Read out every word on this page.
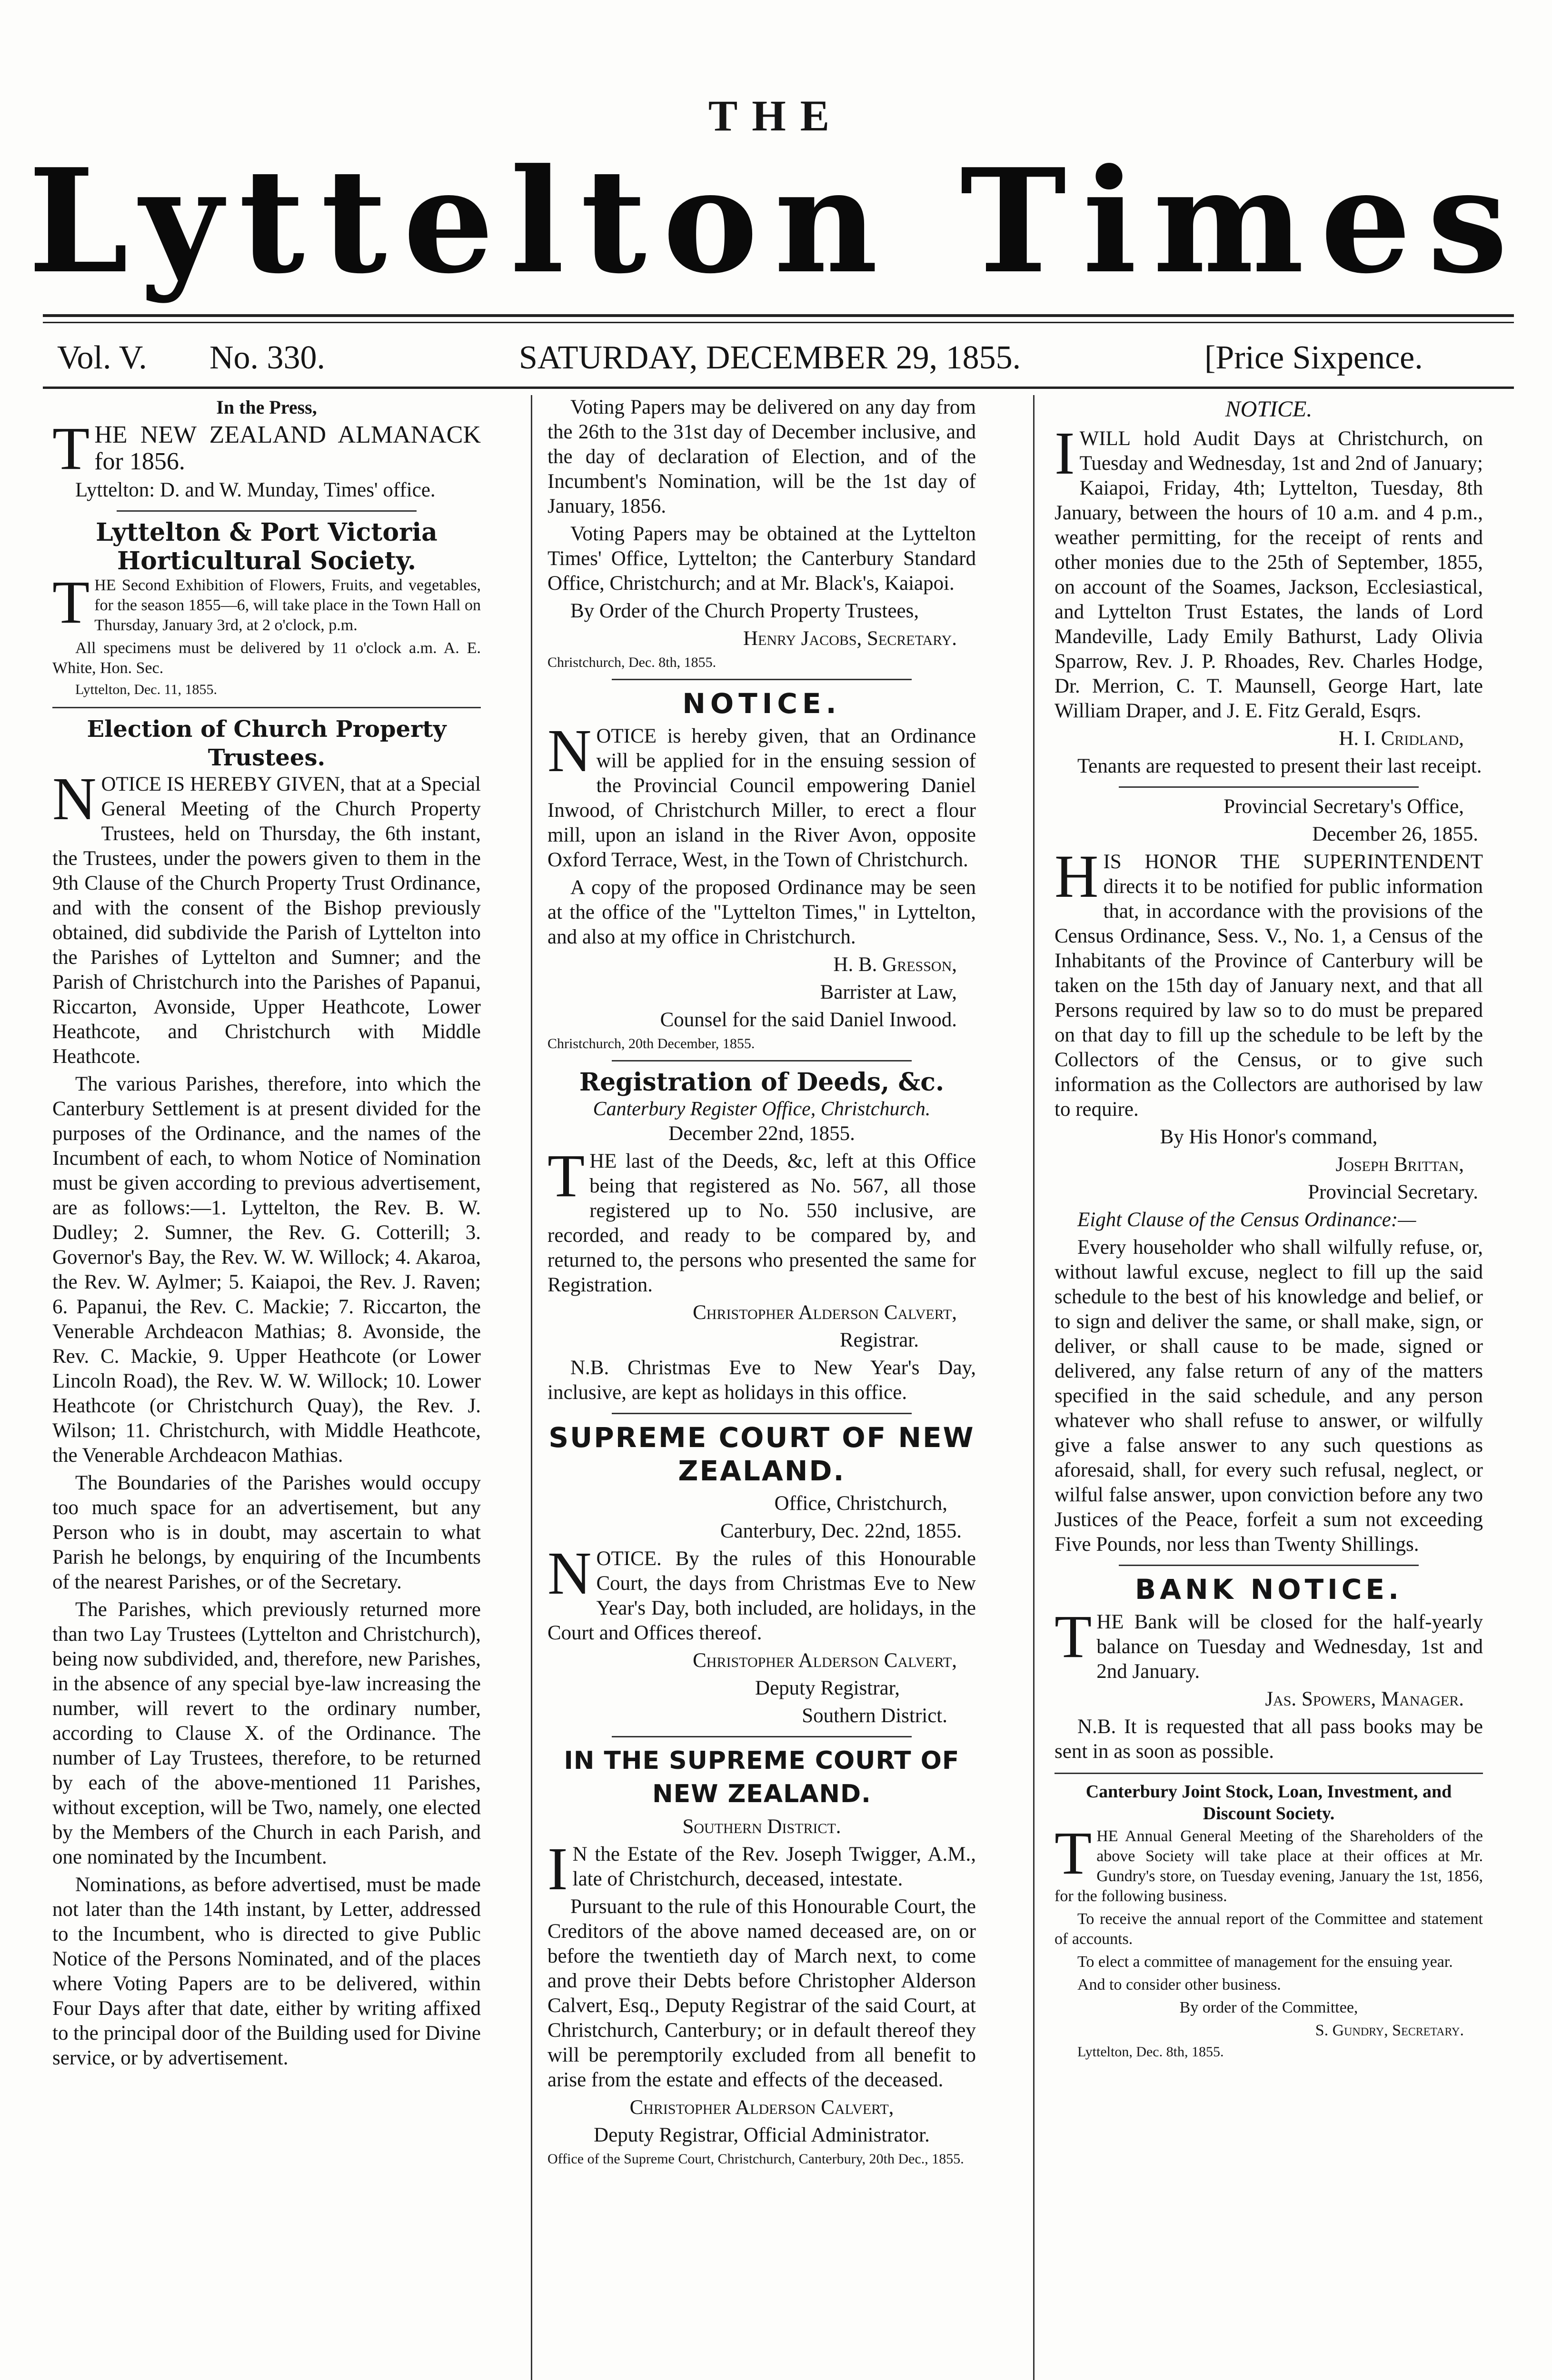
THE
Lyttelton Times
Vol. V. No. 330.	SATURDAY, DECEMBER 29, 1855.	[Price Sixpence.
In the Press,

THE NEW ZEALAND ALMANACK for 1856.

Lyttelton: D. and W. Munday, Times' office.

Lyttelton & Port Victoria Horticultural Society.

THE Second Exhibition of Flowers, Fruits, and vegetables, for the season 1855—6, will take place in the Town Hall on Thursday, January 3rd, at 2 o'clock, p.m.

All specimens must be delivered by 11 o'clock a.m. A. E. White, Hon. Sec.

Lyttelton, Dec. 11, 1855.

Election of Church Property Trustees.

NOTICE IS HEREBY GIVEN, that at a Special General Meeting of the Church Property Trustees, held on Thursday, the 6th instant, the Trustees, under the powers given to them in the 9th Clause of the Church Property Trust Ordinance, and with the consent of the Bishop previously obtained, did subdivide the Parish of Lyttelton into the Parishes of Lyttelton and Sumner; and the Parish of Christchurch into the Parishes of Papanui, Riccarton, Avonside, Upper Heathcote, Lower Heathcote, and Christchurch with Middle Heathcote.

The various Parishes, therefore, into which the Canterbury Settlement is at present divided for the purposes of the Ordinance, and the names of the Incumbent of each, to whom Notice of Nomination must be given according to previous advertisement, are as follows:—1. Lyttelton, the Rev. B. W. Dudley; 2. Sumner, the Rev. G. Cotterill; 3. Governor's Bay, the Rev. W. W. Willock; 4. Akaroa, the Rev. W. Aylmer; 5. Kaiapoi, the Rev. J. Raven; 6. Papanui, the Rev. C. Mackie; 7. Riccarton, the Venerable Archdeacon Mathias; 8. Avonside, the Rev. C. Mackie, 9. Upper Heathcote (or Lower Lincoln Road), the Rev. W. W. Willock; 10. Lower Heathcote (or Christchurch Quay), the Rev. J. Wilson; 11. Christchurch, with Middle Heathcote, the Venerable Archdeacon Mathias.

The Boundaries of the Parishes would occupy too much space for an advertisement, but any Person who is in doubt, may ascertain to what Parish he belongs, by enquiring of the Incumbents of the nearest Parishes, or of the Secretary.

The Parishes, which previously returned more than two Lay Trustees (Lyttelton and Christchurch), being now subdivided, and, therefore, new Parishes, in the absence of any special bye-law increasing the number, will revert to the ordinary number, according to Clause X. of the Ordinance. The number of Lay Trustees, therefore, to be returned by each of the above-mentioned 11 Parishes, without exception, will be Two, namely, one elected by the Members of the Church in each Parish, and one nominated by the Incumbent.

Nominations, as before advertised, must be made not later than the 14th instant, by Letter, addressed to the Incumbent, who is directed to give Public Notice of the Persons Nominated, and of the places where Voting Papers are to be delivered, within Four Days after that date, either by writing affixed to the principal door of the Building used for Divine service, or by advertisement.

Voting Papers may be delivered on any day from the 26th to the 31st day of December inclusive, and the day of declaration of Election, and of the Incumbent's Nomination, will be the 1st day of January, 1856.

Voting Papers may be obtained at the Lyttelton Times' Office, Lyttelton; the Canterbury Standard Office, Christchurch; and at Mr. Black's, Kaiapoi.

By Order of the Church Property Trustees,

Henry Jacobs, Secretary.

Christchurch, Dec. 8th, 1855.

NOTICE.

NOTICE is hereby given, that an Ordinance will be applied for in the ensuing session of the Provincial Council empowering Daniel Inwood, of Christchurch Miller, to erect a flour mill, upon an island in the River Avon, opposite Oxford Terrace, West, in the Town of Christchurch.

A copy of the proposed Ordinance may be seen at the office of the "Lyttelton Times," in Lyttelton, and also at my office in Christchurch.

H. B. Gresson,

Barrister at Law,

Counsel for the said Daniel Inwood.

Christchurch, 20th December, 1855.

Registration of Deeds, &c.
Canterbury Register Office, Christchurch.

December 22nd, 1855.

THE last of the Deeds, &c, left at this Office being that registered as No. 567, all those registered up to No. 550 inclusive, are recorded, and ready to be compared by, and returned to, the persons who presented the same for Registration.

Christopher Alderson Calvert,

Registrar.

N.B. Christmas Eve to New Year's Day, inclusive, are kept as holidays in this office.

SUPREME COURT OF NEW ZEALAND.

Office, Christchurch,

Canterbury, Dec. 22nd, 1855.

NOTICE. By the rules of this Honourable Court, the days from Christmas Eve to New Year's Day, both included, are holidays, in the Court and Offices thereof.

Christopher Alderson Calvert,

Deputy Registrar,

Southern District.

IN THE SUPREME COURT OF NEW ZEALAND.

Southern District.

I N the Estate of the Rev. Joseph Twigger, A.M., late of Christchurch, deceased, intestate.

Pursuant to the rule of this Honourable Court, the Creditors of the above named deceased are, on or before the twentieth day of March next, to come and prove their Debts before Christopher Alderson Calvert, Esq., Deputy Registrar of the said Court, at Christchurch, Canterbury; or in default thereof they will be peremptorily excluded from all benefit to arise from the estate and effects of the deceased.

Christopher Alderson Calvert,

Deputy Registrar, Official Administrator.

Office of the Supreme Court, Christchurch, Canterbury, 20th Dec., 1855.

NOTICE.

IWILL hold Audit Days at Christchurch, on Tuesday and Wednesday, 1st and 2nd of January; Kaiapoi, Friday, 4th; Lyttelton, Tuesday, 8th January, between the hours of 10 a.m. and 4 p.m., weather permitting, for the receipt of rents and other monies due to the 25th of September, 1855, on account of the Soames, Jackson, Ecclesiastical, and Lyttelton Trust Estates, the lands of Lord Mandeville, Lady Emily Bathurst, Lady Olivia Sparrow, Rev. J. P. Rhoades, Rev. Charles Hodge, Dr. Merrion, C. T. Maunsell, George Hart, late William Draper, and J. E. Fitz Gerald, Esqrs.

H. I. Cridland,

Tenants are requested to present their last receipt.

Provincial Secretary's Office,

December 26, 1855.

HIS HONOR THE SUPERINTENDENT directs it to be notified for public information that, in accordance with the provisions of the Census Ordinance, Sess. V., No. 1, a Census of the Inhabitants of the Province of Canterbury will be taken on the 15th day of January next, and that all Persons required by law so to do must be prepared on that day to fill up the schedule to be left by the Collectors of the Census, or to give such information as the Collectors are authorised by law to require.

By His Honor's command,

Joseph Brittan,

Provincial Secretary.

Eight Clause of the Census Ordinance:—

Every householder who shall wilfully refuse, or, without lawful excuse, neglect to fill up the said schedule to the best of his knowledge and belief, or to sign and deliver the same, or shall make, sign, or deliver, or shall cause to be made, signed or delivered, any false return of any of the matters specified in the said schedule, and any person whatever who shall refuse to answer, or wilfully give a false answer to any such questions as aforesaid, shall, for every such refusal, neglect, or wilful false answer, upon conviction before any two Justices of the Peace, forfeit a sum not exceeding Five Pounds, nor less than Twenty Shillings.

BANK NOTICE.

THE Bank will be closed for the half-yearly balance on Tuesday and Wednesday, 1st and 2nd January.

Jas. Spowers, Manager.

N.B. It is requested that all pass books may be sent in as soon as possible.

Canterbury Joint Stock, Loan, Investment, and Discount Society.

THE Annual General Meeting of the Shareholders of the above Society will take place at their offices at Mr. Gundry's store, on Tuesday evening, January the 1st, 1856, for the following business.

To receive the annual report of the Committee and statement of accounts.

To elect a committee of management for the ensuing year.

And to consider other business.

By order of the Committee,

S. Gundry, Secretary.

Lyttelton, Dec. 8th, 1855.
